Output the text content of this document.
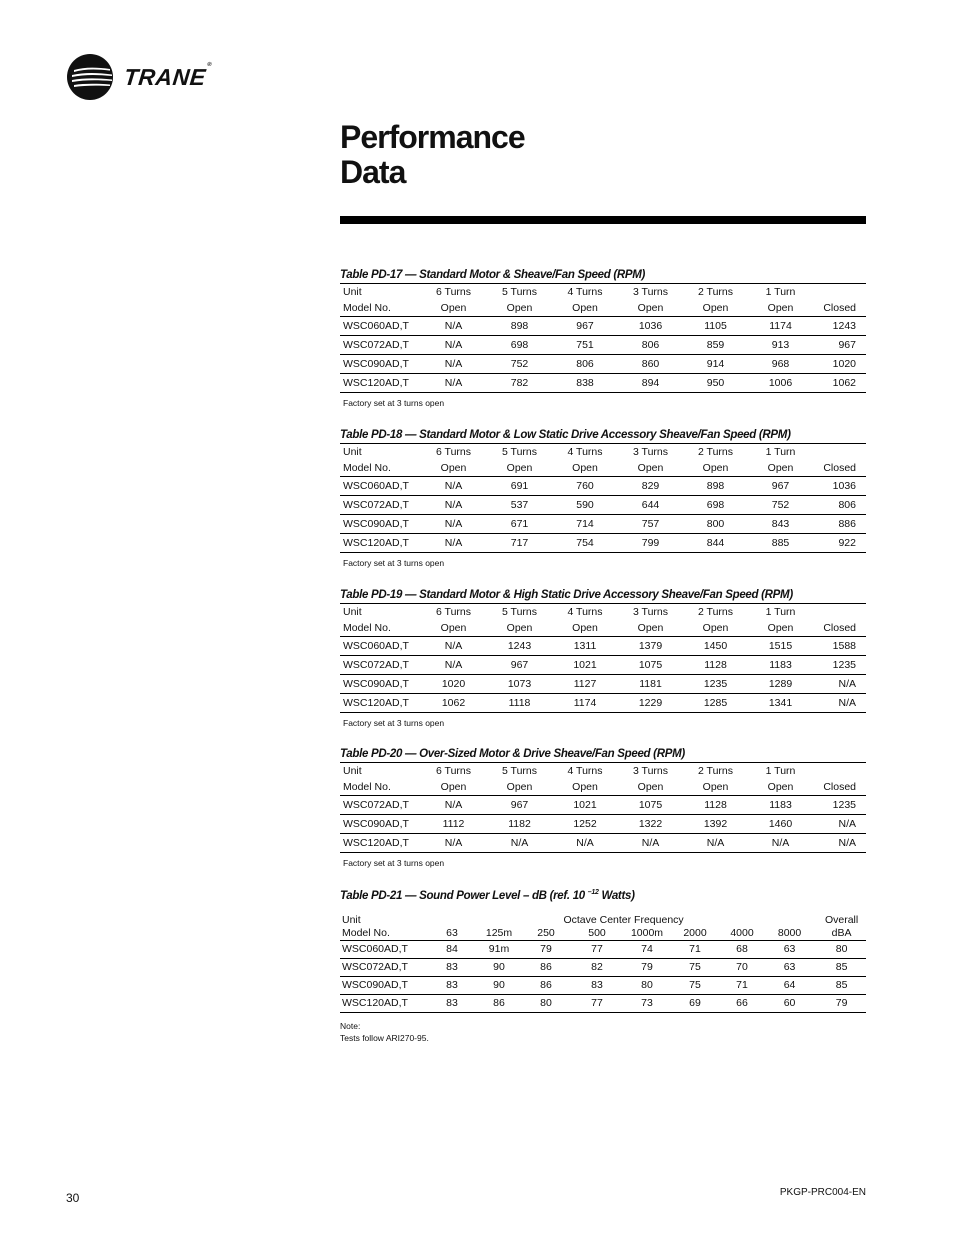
TRANE®
Performance
Data
Table PD-17 — Standard Motor & Sheave/Fan Speed (RPM)
Unit	6 Turns	5 Turns	4 Turns	3 Turns	2 Turns	1 Turn	
Model No.	Open	Open	Open	Open	Open	Open	Closed
WSC060AD,T	N/A	898	967	1036	1105	1174	1243
WSC072AD,T	N/A	698	751	806	859	913	967
WSC090AD,T	N/A	752	806	860	914	968	1020
WSC120AD,T	N/A	782	838	894	950	1006	1062
Factory set at 3 turns open
Table PD-18 — Standard Motor & Low Static Drive Accessory Sheave/Fan Speed (RPM)
Unit	6 Turns	5 Turns	4 Turns	3 Turns	2 Turns	1 Turn	
Model No.	Open	Open	Open	Open	Open	Open	Closed
WSC060AD,T	N/A	691	760	829	898	967	1036
WSC072AD,T	N/A	537	590	644	698	752	806
WSC090AD,T	N/A	671	714	757	800	843	886
WSC120AD,T	N/A	717	754	799	844	885	922
Factory set at 3 turns open
Table PD-19 — Standard Motor & High Static Drive Accessory Sheave/Fan Speed (RPM)
Unit	6 Turns	5 Turns	4 Turns	3 Turns	2 Turns	1 Turn	
Model No.	Open	Open	Open	Open	Open	Open	Closed
WSC060AD,T	N/A	1243	1311	1379	1450	1515	1588
WSC072AD,T	N/A	967	1021	1075	1128	1183	1235
WSC090AD,T	1020	1073	1127	1181	1235	1289	N/A
WSC120AD,T	1062	1118	1174	1229	1285	1341	N/A
Factory set at 3 turns open
Table PD-20 — Over-Sized Motor & Drive Sheave/Fan Speed (RPM)
Unit	6 Turns	5 Turns	4 Turns	3 Turns	2 Turns	1 Turn	
Model No.	Open	Open	Open	Open	Open	Open	Closed
WSC072AD,T	N/A	967	1021	1075	1128	1183	1235
WSC090AD,T	1112	1182	1252	1322	1392	1460	N/A
WSC120AD,T	N/A	N/A	N/A	N/A	N/A	N/A	N/A
Factory set at 3 turns open
Table PD-21 — Sound Power Level – dB (ref. 10 $^{-12}$ Watts)
Unit	Octave Center Frequency								Overall
Model No.	63	125m	250	500	1000m	2000	4000	8000	dBA
WSC060AD,T	84	91m	79	77	74	71	68	63	80
WSC072AD,T	83	90	86	82	79	75	70	63	85
WSC090AD,T	83	90	86	83	80	75	71	64	85
WSC120AD,T	83	86	80	77	73	69	66	60	79
Note:
Tests follow ARI270-95.
30	PKGP-PRC004-EN
